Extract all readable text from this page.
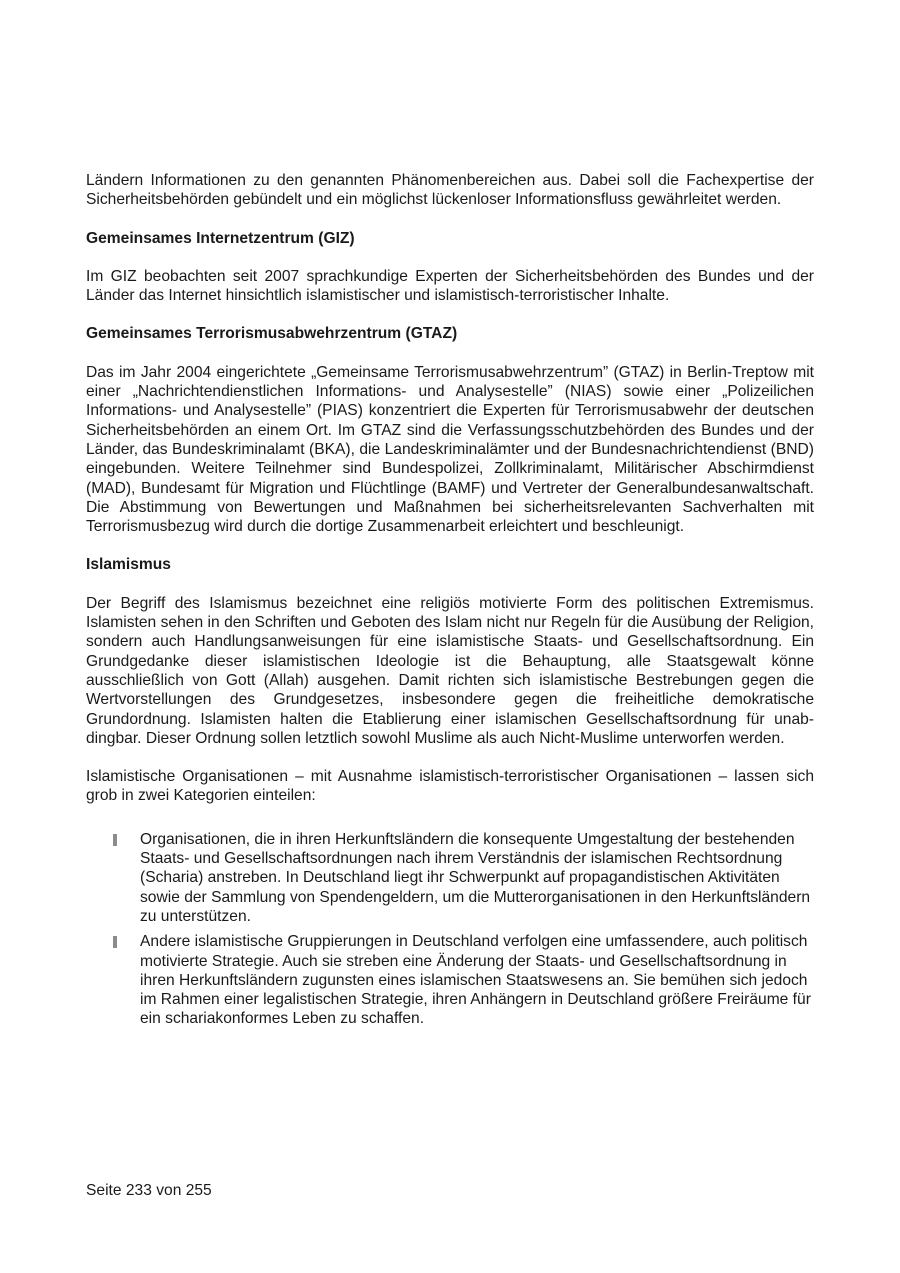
Ländern Informationen zu den genannten Phänomenbereichen aus. Dabei soll die Fachexpertise der Sicherheitsbehörden gebündelt und ein möglichst lückenloser Informationsfluss gewährleitet werden.

Gemeinsames Internetzentrum (GIZ)

Im GIZ beobachten seit 2007 sprachkundige Experten der Sicherheitsbehörden des Bundes und der Länder das Internet hinsichtlich islamistischer und islamistisch-terroristischer Inhalte.

Gemeinsames Terrorismusabwehrzentrum (GTAZ)

Das im Jahr 2004 eingerichtete „Gemeinsame Terrorismusabwehrzentrum” (GTAZ) in Berlin-Treptow mit einer „Nachrichtendienstlichen Informations- und Analysestelle” (NIAS) sowie einer „Polizeilichen Informations- und Analysestelle” (PIAS) konzentriert die Experten für Terrorismusabwehr der deutschen Sicherheitsbehörden an einem Ort. Im GTAZ sind die Verfassungsschutzbehörden des Bundes und der Länder, das Bundeskriminalamt (BKA), die Landeskriminalämter und der Bundesnachrichtendienst (BND) eingebunden. Weitere Teilnehmer sind Bundespolizei, Zollkriminalamt, Militärischer Abschirmdienst (MAD), Bundesamt für Migration und Flüchtlinge (BAMF) und Vertreter der Generalbundesanwaltschaft. Die Abstimmung von Bewertungen und Maßnahmen bei sicherheitsrelevanten Sachverhalten mit Terrorismusbezug wird durch die dortige Zusammenarbeit erleichtert und beschleunigt.

Islamismus

Der Begriff des Islamismus bezeichnet eine religiös motivierte Form des politischen Extremismus. Islamisten sehen in den Schriften und Geboten des Islam nicht nur Regeln für die Ausübung der Religion, sondern auch Handlungsanweisungen für eine islamistische Staats- und Gesellschaftsordnung. Ein Grundgedanke dieser islamistischen Ideologie ist die Behauptung, alle Staatsgewalt könne ausschließlich von Gott (Allah) ausgehen. Damit richten sich islamistische Bestrebungen gegen die Wertvorstellungen des Grundgesetzes, insbesondere gegen die freiheitliche demokratische Grundordnung. Islamisten halten die Etablierung einer islamischen Gesellschaftsordnung für unabdingbar. Dieser Ordnung sollen letztlich sowohl Muslime als auch Nicht-Muslime unterworfen werden.

Islamistische Organisationen – mit Ausnahme islamistisch-terroristischer Organisationen – lassen sich grob in zwei Kategorien einteilen:

Organisationen, die in ihren Herkunftsländern die konsequente Umgestaltung der bestehenden Staats- und Gesellschaftsordnungen nach ihrem Verständnis der islamischen Rechtsordnung (Scharia) anstreben. In Deutschland liegt ihr Schwerpunkt auf propagandistischen Aktivitäten sowie der Sammlung von Spendengeldern, um die Mutterorganisationen in den Herkunftsländern zu unterstützen.

Andere islamistische Gruppierungen in Deutschland verfolgen eine umfassendere, auch politisch motivierte Strategie. Auch sie streben eine Änderung der Staats- und Gesellschaftsordnung in ihren Herkunftsländern zugunsten eines islamischen Staatswesens an. Sie bemühen sich jedoch im Rahmen einer legalistischen Strategie, ihren Anhängern in Deutschland größere Freiräume für ein schariakonformes Leben zu schaffen.

Seite 233 von 255
